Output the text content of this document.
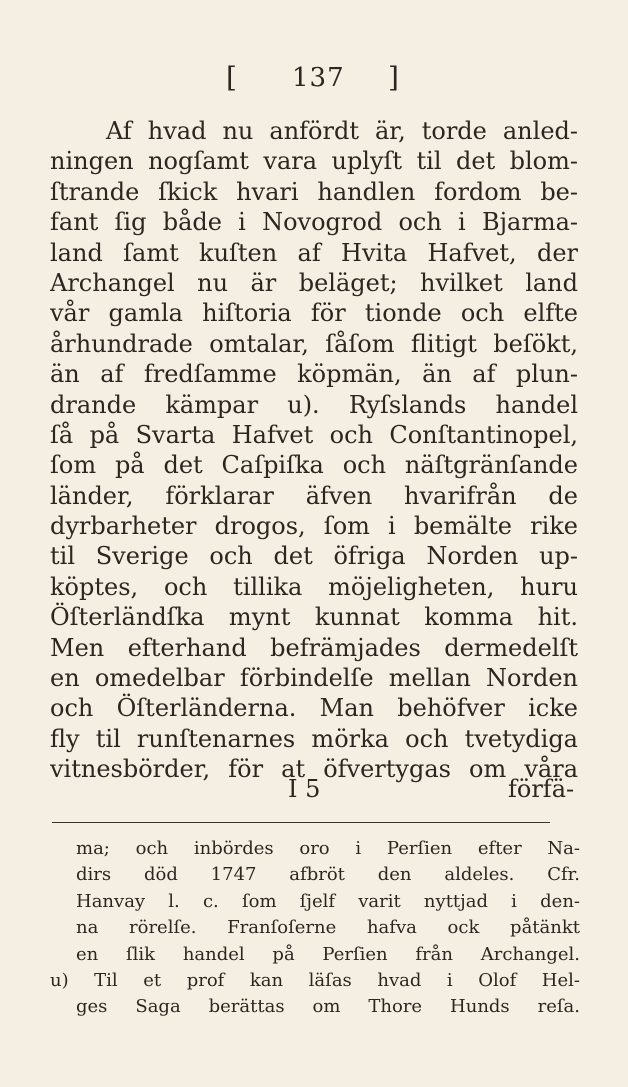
[ 137 ]
Af hvad nu anfördt är, torde anled-
ningen nogſamt vara uplyſt til det blom-
ſtrande ſkick hvari handlen fordom be-
fant ſig både i Novogrod och i Bjarma-
land ſamt kuſten af Hvita Hafvet, der
Archangel nu är beläget; hvilket land
vår gamla hiſtoria för tionde och elfte
århundrade omtalar, ſåſom flitigt beſökt,
än af fredſamme köpmän, än af plun-
drande kämpar u). Ryſslands handel
ſå på Svarta Hafvet och Conſtantinopel,
ſom på det Caſpiſka och näſtgränſande
länder, förklarar äfven hvarifrån de
dyrbarheter drogos, ſom i bemälte rike
til Sverige och det öfriga Norden up-
köptes, och tillika möjeligheten, huru
Öſterländſka mynt kunnat komma hit.
Men efterhand befrämjades dermedelſt
en omedelbar förbindelſe mellan Norden
och Öſterländerna. Man behöfver icke
fly til runſtenarnes mörka och tvetydiga
vitnesbörder, för at öfvertygas om våra
I 5	förfä-
ma; och inbördes oro i Perſien efter Na-
dirs död 1747 afbröt den aldeles. Cfr.
Hanvay l. c. ſom ſjelf varit nyttjad i den-
na rörelſe. Franſoſerne hafva ock påtänkt
en ſlik handel på Perſien från Archangel.
u) Til et prof kan läſas hvad i Olof Hel-
ges Saga berättas om Thore Hunds reſa.
